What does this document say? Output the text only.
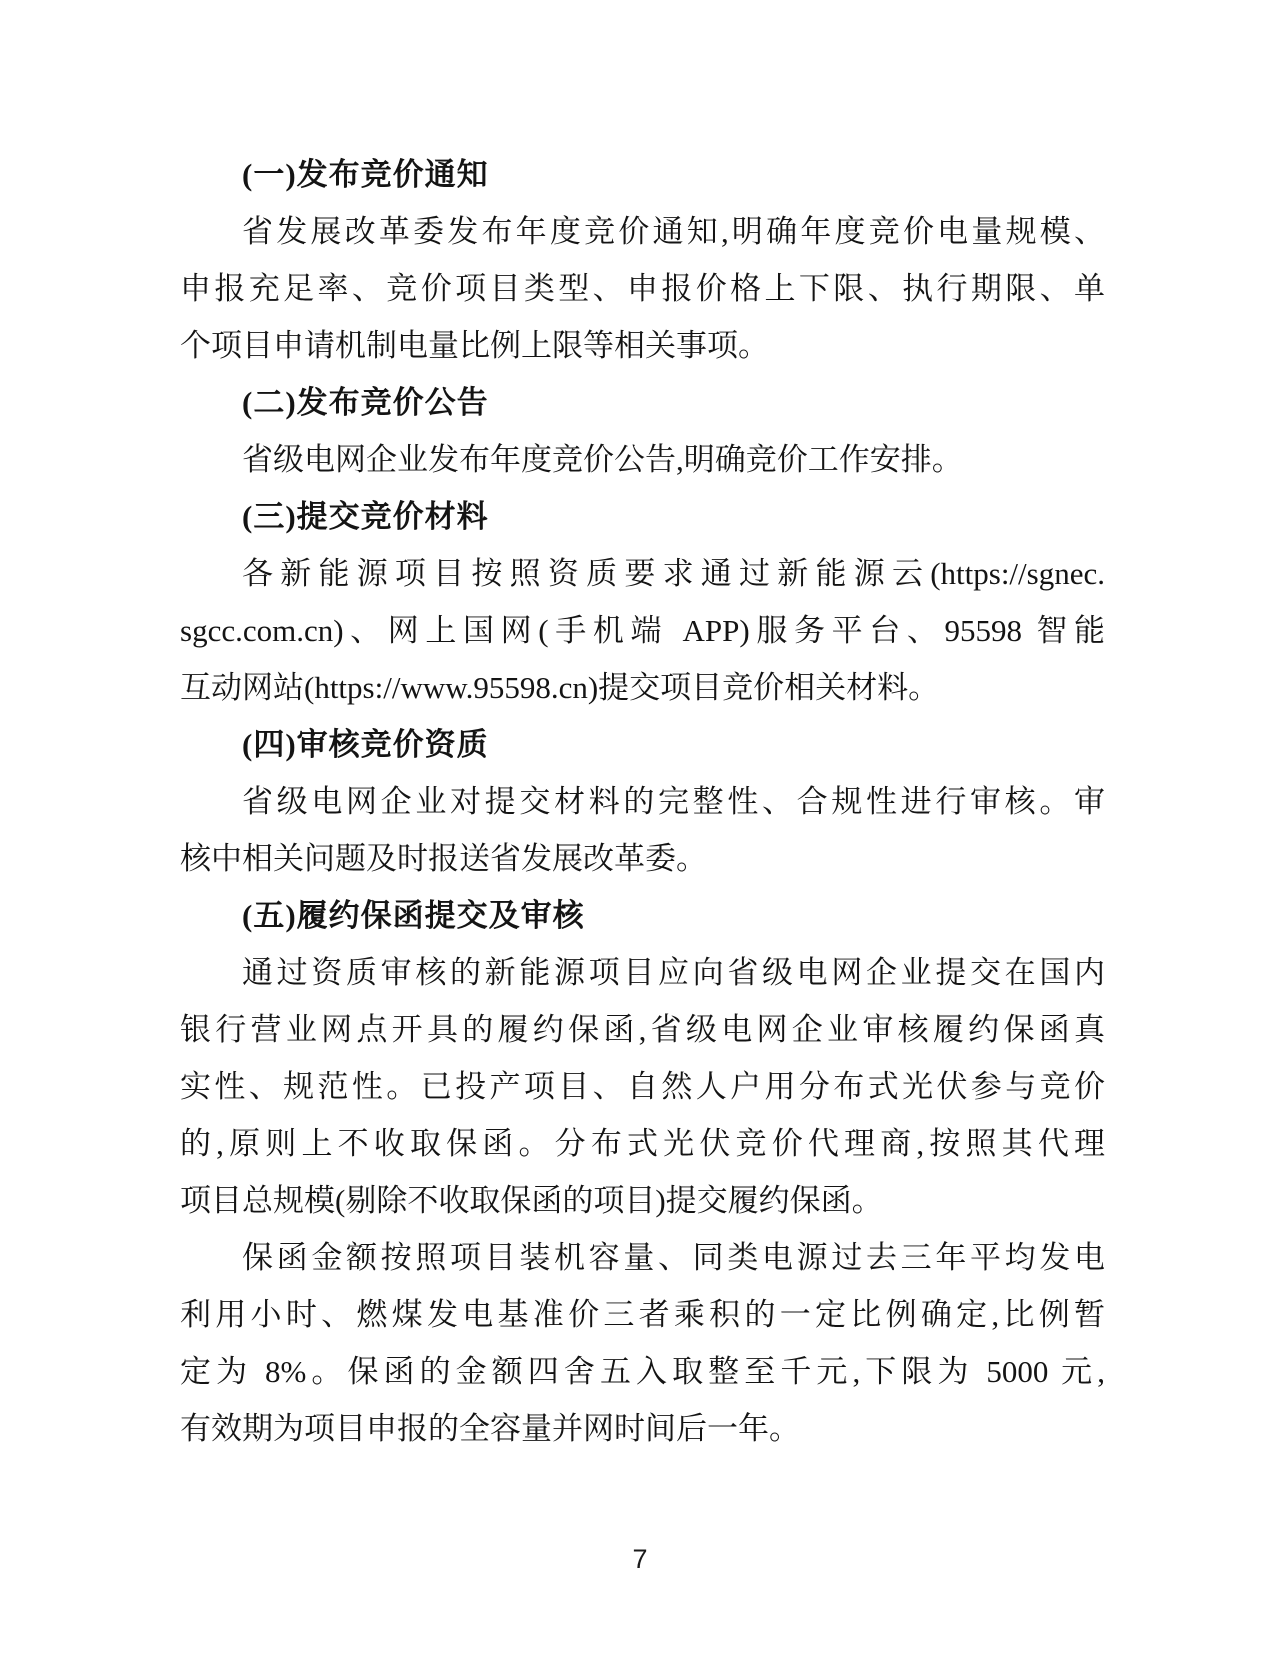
(一)发布竞价通知
省发展改革委发布年度竞价通知,明确年度竞价电量规模、
申报充足率、竞价项目类型、申报价格上下限、执行期限、单
个项目申请机制电量比例上限等相关事项。
(二)发布竞价公告
省级电网企业发布年度竞价公告,明确竞价工作安排。
(三)提交竞价材料
各新能源项目按照资质要求通过新能源云(https://sgnec.
sgcc.com.cn)、网上国网(手机端 APP)服务平台、95598 智能
互动网站(https://www.95598.cn)提交项目竞价相关材料。
(四)审核竞价资质
省级电网企业对提交材料的完整性、合规性进行审核。审
核中相关问题及时报送省发展改革委。
(五)履约保函提交及审核
通过资质审核的新能源项目应向省级电网企业提交在国内
银行营业网点开具的履约保函,省级电网企业审核履约保函真
实性、规范性。已投产项目、自然人户用分布式光伏参与竞价
的,原则上不收取保函。分布式光伏竞价代理商,按照其代理
项目总规模(剔除不收取保函的项目)提交履约保函。
保函金额按照项目装机容量、同类电源过去三年平均发电
利用小时、燃煤发电基准价三者乘积的一定比例确定,比例暂
定为 8%。保函的金额四舍五入取整至千元,下限为 5000 元,
有效期为项目申报的全容量并网时间后一年。
7
